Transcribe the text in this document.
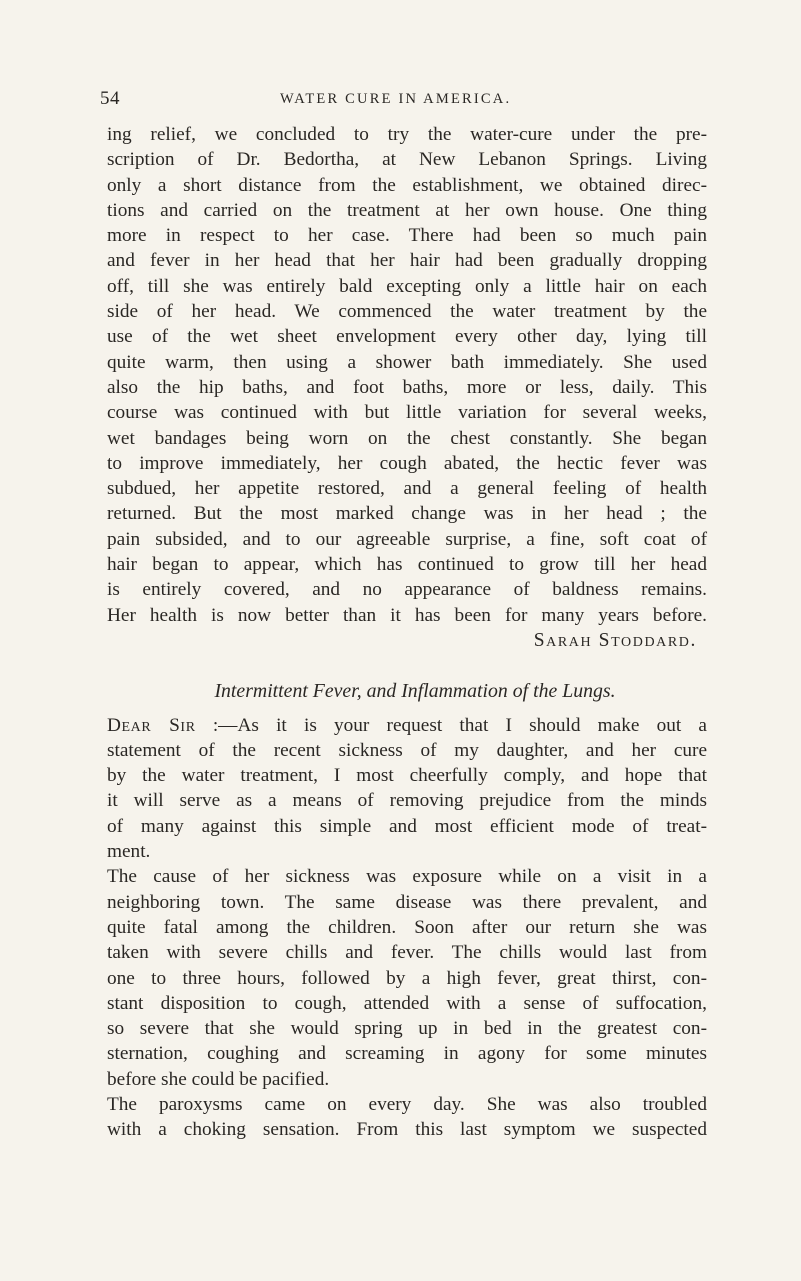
54	WATER CURE IN AMERICA.
ing relief, we concluded to try the water-cure under the pre-
scription of Dr. Bedortha, at New Lebanon Springs. Living
only a short distance from the establishment, we obtained direc-
tions and carried on the treatment at her own house. One thing
more in respect to her case. There had been so much pain
and fever in her head that her hair had been gradually dropping
off, till she was entirely bald excepting only a little hair on each
side of her head. We commenced the water treatment by the
use of the wet sheet envelopment every other day, lying till
quite warm, then using a shower bath immediately. She used
also the hip baths, and foot baths, more or less, daily. This
course was continued with but little variation for several weeks,
wet bandages being worn on the chest constantly. She began
to improve immediately, her cough abated, the hectic fever was
subdued, her appetite restored, and a general feeling of health
returned. But the most marked change was in her head ; the
pain subsided, and to our agreeable surprise, a fine, soft coat of
hair began to appear, which has continued to grow till her head
is entirely covered, and no appearance of baldness remains.
Her health is now better than it has been for many years before.
Sarah Stoddard.
Intermittent Fever, and Inflammation of the Lungs.
Dear Sir :—As it is your request that I should make out a
statement of the recent sickness of my daughter, and her cure
by the water treatment, I most cheerfully comply, and hope that
it will serve as a means of removing prejudice from the minds
of many against this simple and most efficient mode of treat-
ment.
The cause of her sickness was exposure while on a visit in a
neighboring town. The same disease was there prevalent, and
quite fatal among the children. Soon after our return she was
taken with severe chills and fever. The chills would last from
one to three hours, followed by a high fever, great thirst, con-
stant disposition to cough, attended with a sense of suffocation,
so severe that she would spring up in bed in the greatest con-
sternation, coughing and screaming in agony for some minutes
before she could be pacified.
The paroxysms came on every day. She was also troubled
with a choking sensation. From this last symptom we suspected
